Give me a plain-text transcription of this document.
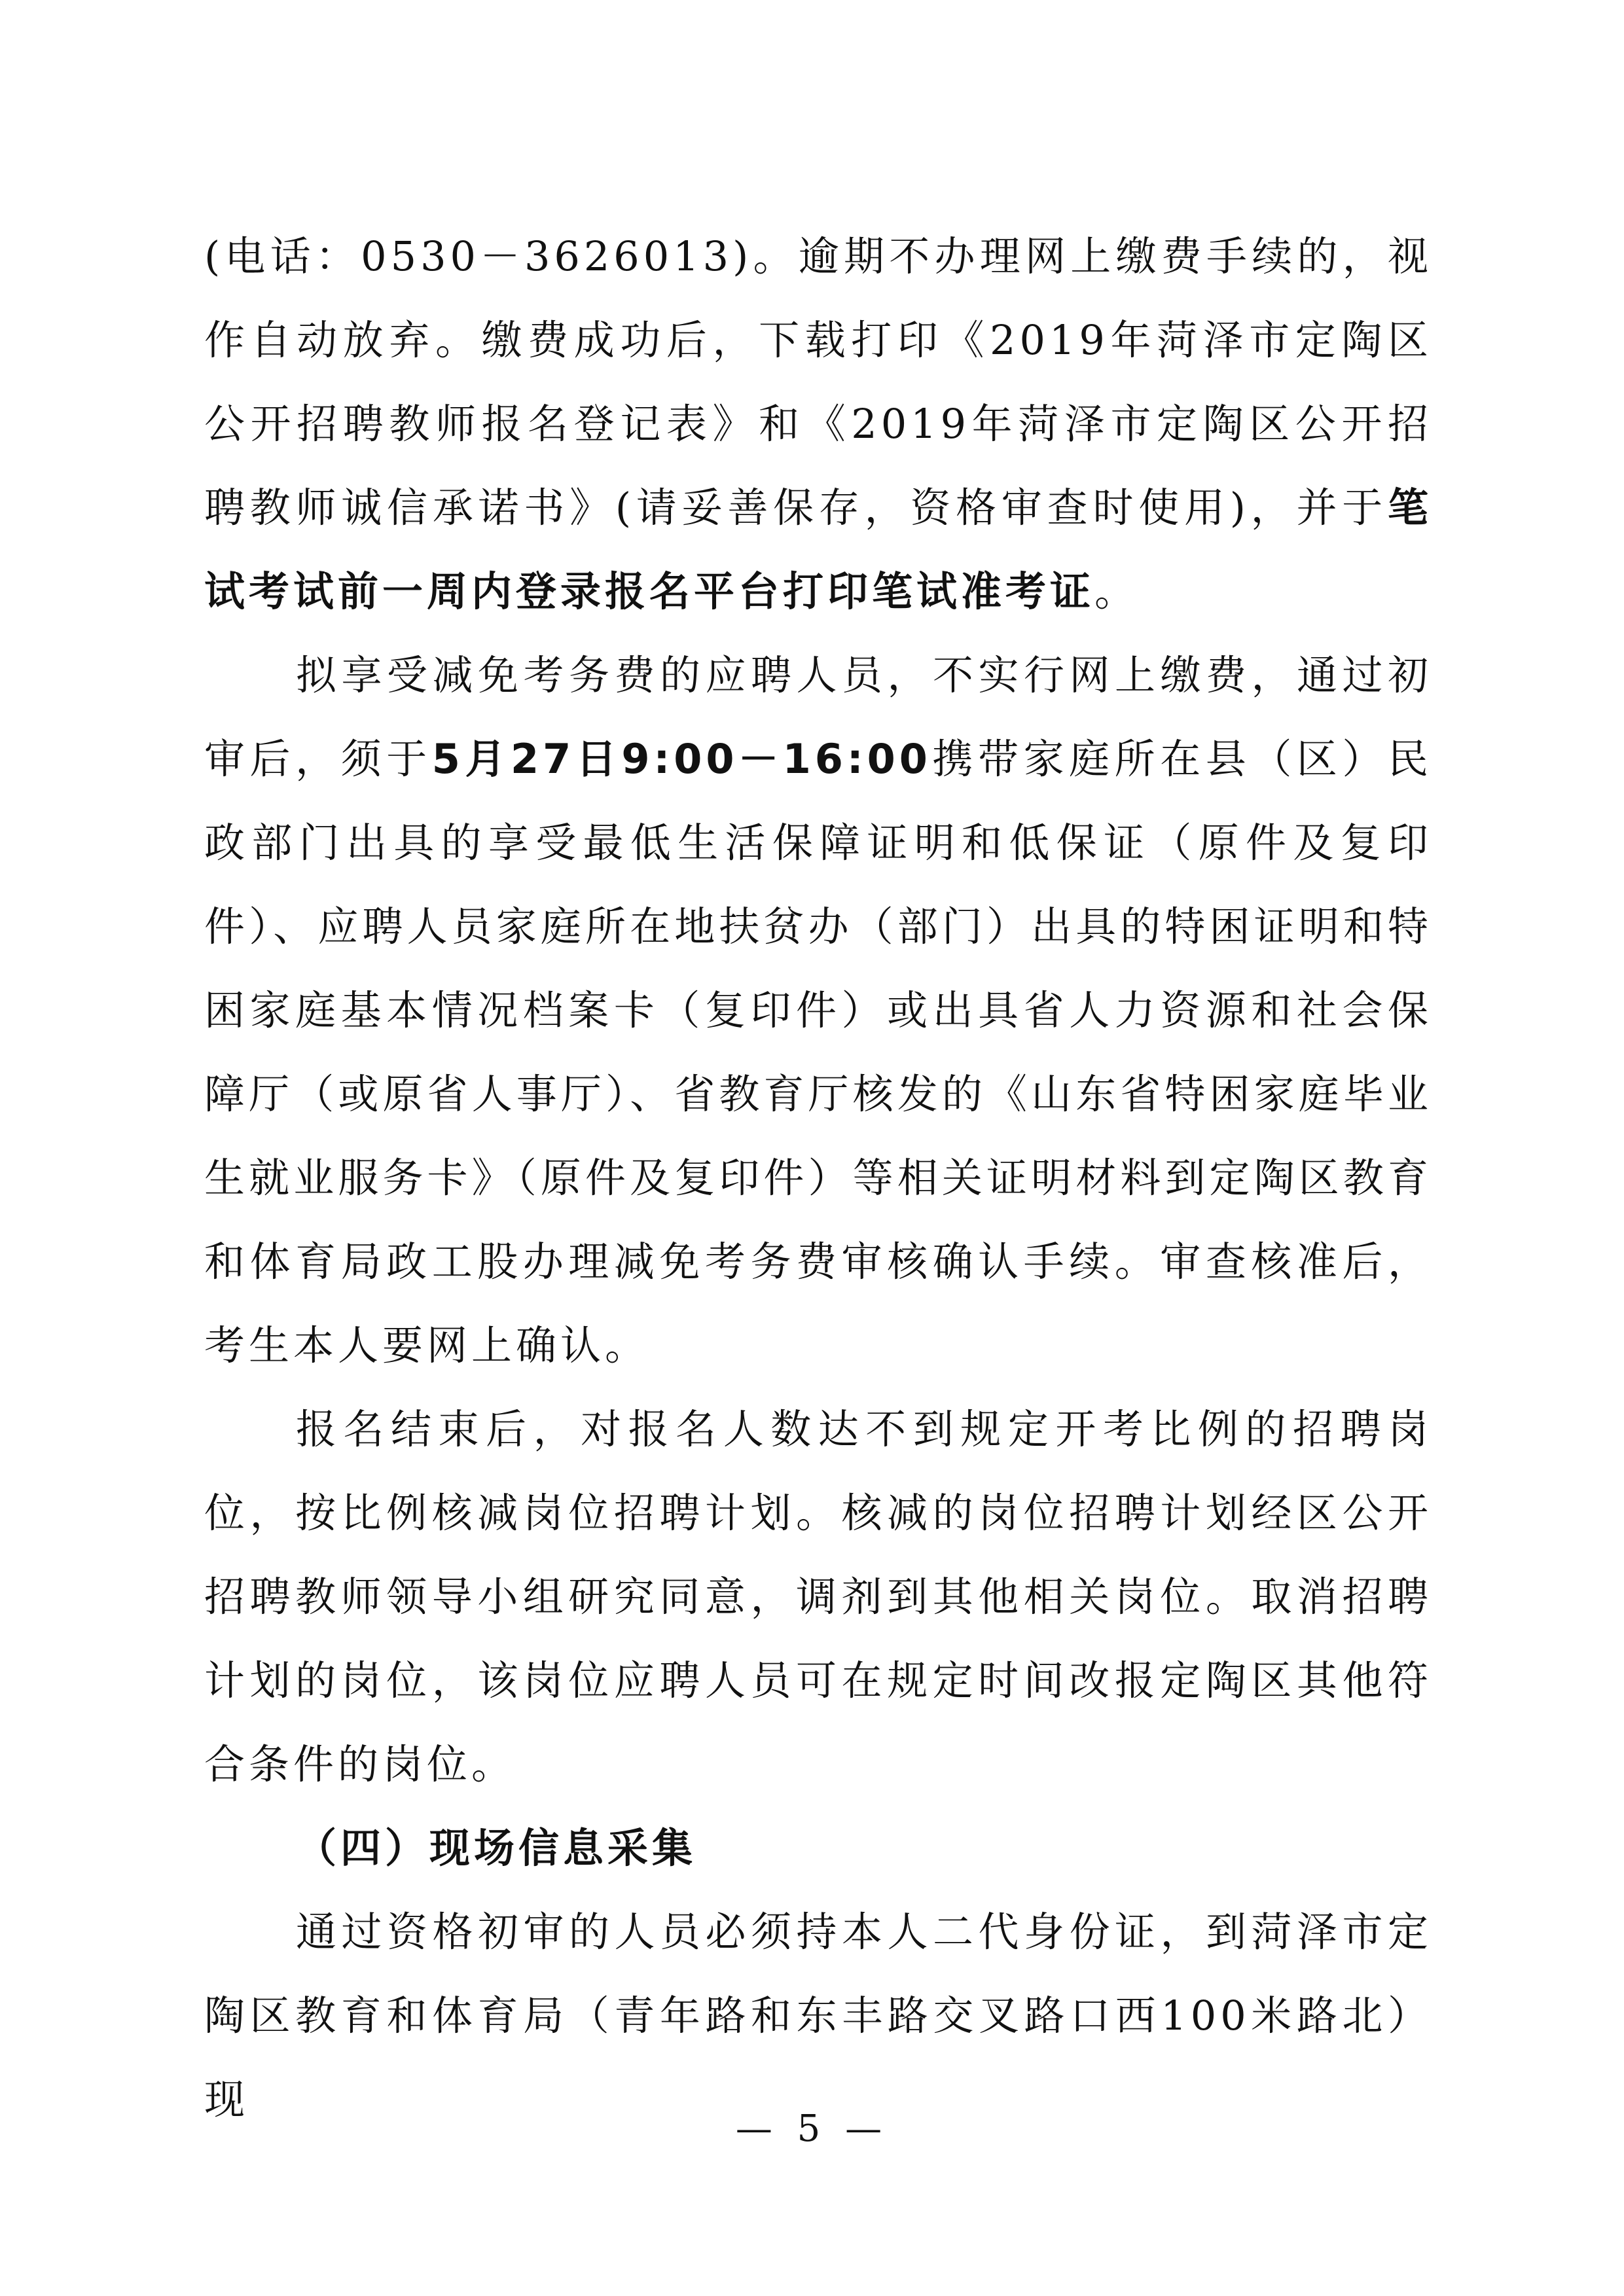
(电话：0530－3626013)。逾期不办理网上缴费手续的，视作自动放弃。缴费成功后，下载打印《2019年菏泽市定陶区公开招聘教师报名登记表》和《2019年菏泽市定陶区公开招聘教师诚信承诺书》(请妥善保存，资格审查时使用)，并于笔试考试前一周内登录报名平台打印笔试准考证。

拟享受减免考务费的应聘人员，不实行网上缴费，通过初审后，须于5月27日9:00－16:00携带家庭所在县（区）民政部门出具的享受最低生活保障证明和低保证（原件及复印件）、应聘人员家庭所在地扶贫办（部门）出具的特困证明和特困家庭基本情况档案卡（复印件）或出具省人力资源和社会保障厅（或原省人事厅）、省教育厅核发的《山东省特困家庭毕业生就业服务卡》（原件及复印件）等相关证明材料到定陶区教育和体育局政工股办理减免考务费审核确认手续。审查核准后，考生本人要网上确认。

报名结束后，对报名人数达不到规定开考比例的招聘岗位，按比例核减岗位招聘计划。核减的岗位招聘计划经区公开招聘教师领导小组研究同意，调剂到其他相关岗位。取消招聘计划的岗位，该岗位应聘人员可在规定时间改报定陶区其他符合条件的岗位。

（四）现场信息采集

通过资格初审的人员必须持本人二代身份证，到菏泽市定陶区教育和体育局（青年路和东丰路交叉路口西100米路北）现

— 5 —
